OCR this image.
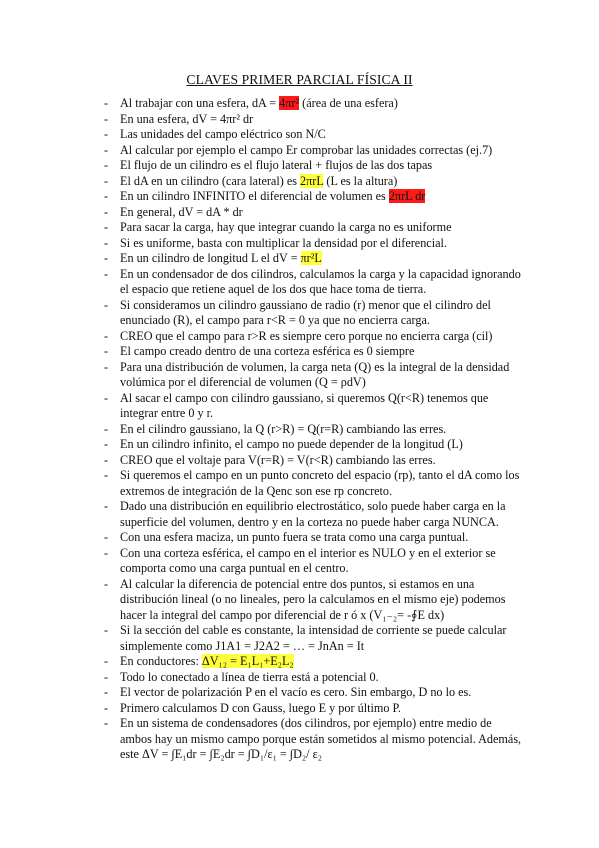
CLAVES PRIMER PARCIAL FÍSICA II
- Al trabajar con una esfera, dA = 4πr² (área de una esfera)
- En una esfera, dV = 4πr² dr
- Las unidades del campo eléctrico son N/C
- Al calcular por ejemplo el campo Er comprobar las unidades correctas (ej.7)
- El flujo de un cilindro es el flujo lateral + flujos de las dos tapas
- El dA en un cilindro (cara lateral) es 2πrL (L es la altura)
- En un cilindro INFINITO el diferencial de volumen es 2πrL dr
- En general, dV = dA * dr
- Para sacar la carga, hay que integrar cuando la carga no es uniforme
- Si es uniforme, basta con multiplicar la densidad por el diferencial.
- En un cilindro de longitud L el dV = πr²L
- En un condensador de dos cilindros, calculamos la carga y la capacidad ignorando el espacio que retiene aquel de los dos que hace toma de tierra.
- Si consideramos un cilindro gaussiano de radio (r) menor que el cilindro del enunciado (R), el campo para r<R = 0 ya que no encierra carga.
- CREO que el campo para r>R es siempre cero porque no encierra carga (cil)
- El campo creado dentro de una corteza esférica es 0 siempre
- Para una distribución de volumen, la carga neta (Q) es la integral de la densidad volúmica por el diferencial de volumen (Q = ρdV)
- Al sacar el campo con cilindro gaussiano, si queremos Q(r<R) tenemos que integrar entre 0 y r.
- En el cilindro gaussiano, la Q (r>R) = Q(r=R) cambiando las erres.
- En un cilindro infinito, el campo no puede depender de la longitud (L)
- CREO que el voltaje para V(r=R) = V(r<R) cambiando las erres.
- Si queremos el campo en un punto concreto del espacio (rp), tanto el dA como los extremos de integración de la Qenc son ese rp concreto.
- Dado una distribución en equilibrio electrostático, solo puede haber carga en la superficie del volumen, dentro y en la corteza no puede haber carga NUNCA.
- Con una esfera maciza, un punto fuera se trata como una carga puntual.
- Con una corteza esférica, el campo en el interior es NULO y en el exterior se comporta como una carga puntual en el centro.
- Al calcular la diferencia de potencial entre dos puntos, si estamos en una distribución lineal (o no lineales, pero la calculamos en el mismo eje) podemos hacer la integral del campo por diferencial de r ó x (V₁₋₂= -∮E dx)
- Si la sección del cable es constante, la intensidad de corriente se puede calcular simplemente como J1A1 = J2A2 = … = JnAn = It
- En conductores: ΔV₁₂ = E₁L₁+E₂L₂
- Todo lo conectado a línea de tierra está a potencial 0.
- El vector de polarización P en el vacío es cero. Sin embargo, D no lo es.
- Primero calculamos D con Gauss, luego E y por último P.
- En un sistema de condensadores (dos cilindros, por ejemplo) entre medio de ambos hay un mismo campo porque están sometidos al mismo potencial. Además, este ΔV = ∫E₁dr = ∫E₂dr = ∫D₁/ε₁ = ∫D₂/ ε₂
